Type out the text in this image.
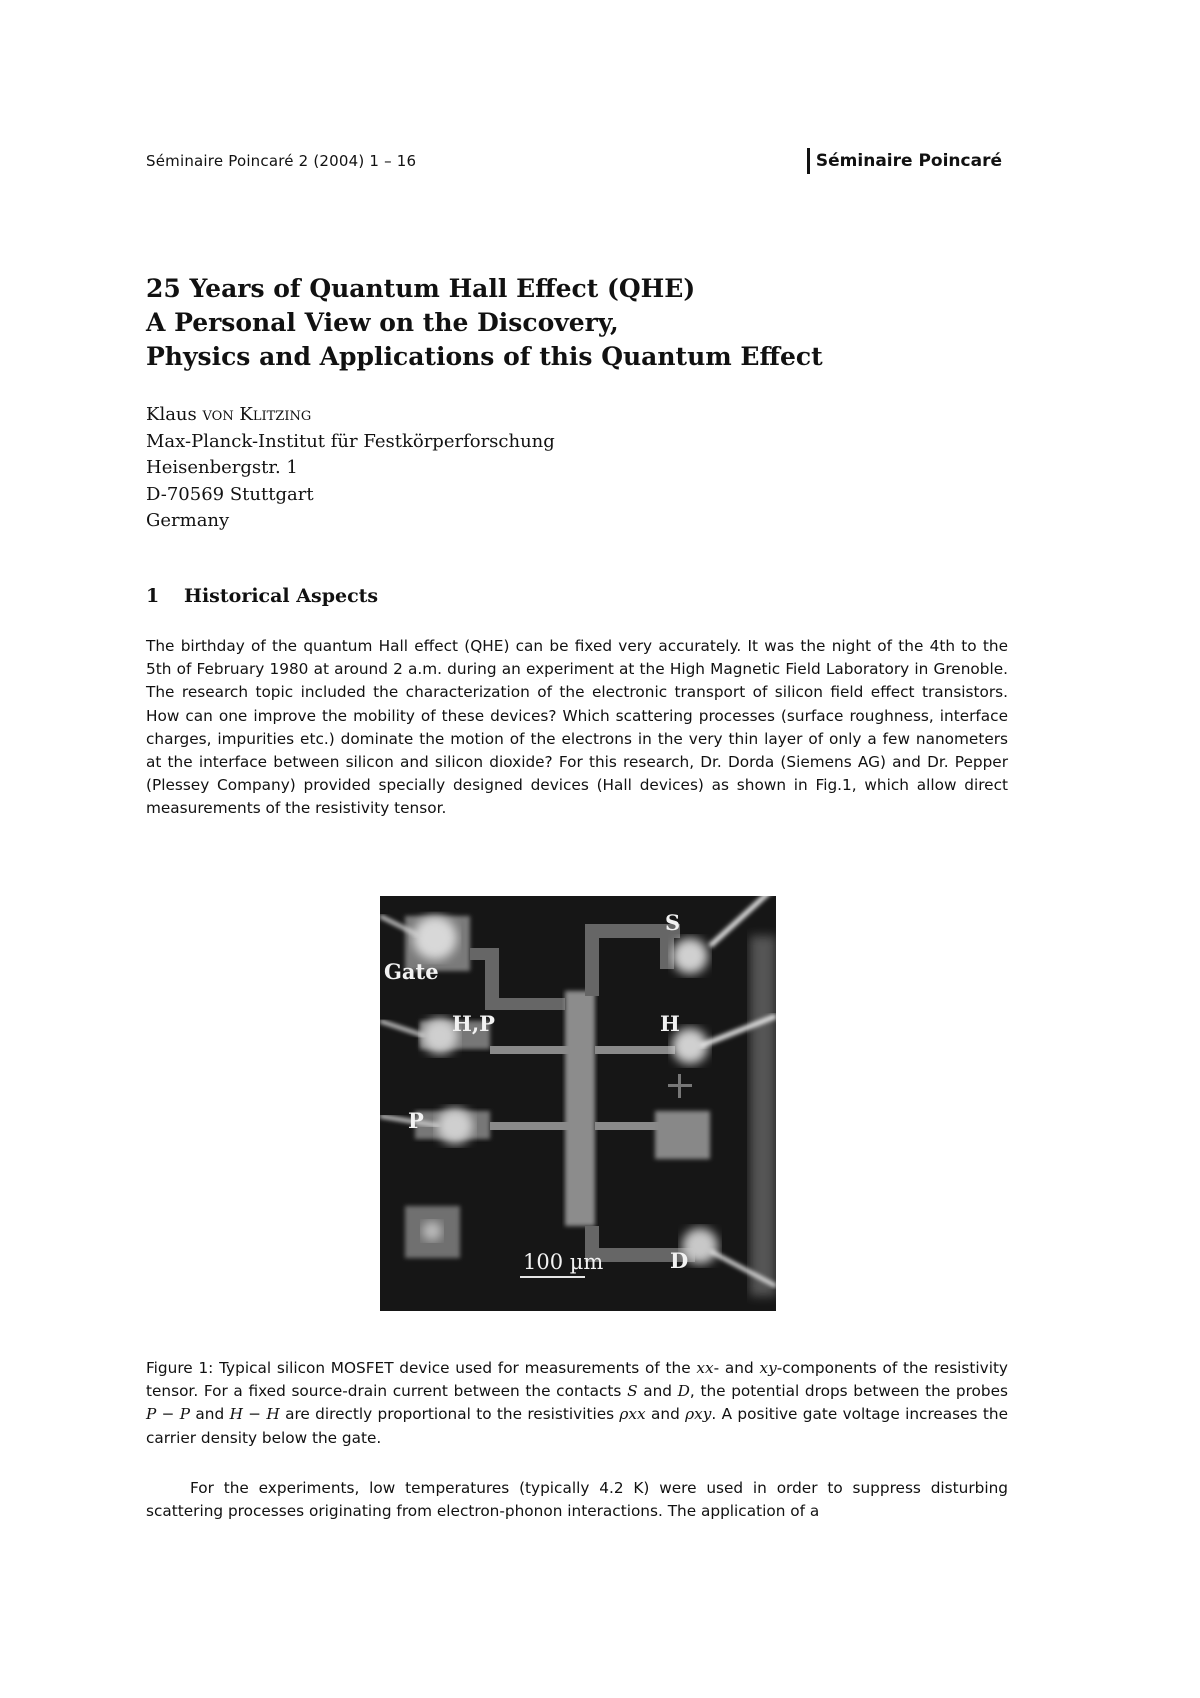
Séminaire Poincaré 2 (2004) 1 – 16	Séminaire Poincaré
25 Years of Quantum Hall Effect (QHE)
A Personal View on the Discovery,
Physics and Applications of this Quantum Effect
Klaus von Klitzing
Max-Planck-Institut für Festkörperforschung
Heisenbergstr. 1
D-70569 Stuttgart
Germany
1 Historical Aspects
The birthday of the quantum Hall effect (QHE) can be fixed very accurately. It was the night of the 4th to the 5th of February 1980 at around 2 a.m. during an experiment at the High Magnetic Field Laboratory in Grenoble. The research topic included the characterization of the electronic transport of silicon field effect transistors. How can one improve the mobility of these devices? Which scattering processes (surface roughness, interface charges, impurities etc.) dominate the motion of the electrons in the very thin layer of only a few nanometers at the interface between silicon and silicon dioxide? For this research, Dr. Dorda (Siemens AG) and Dr. Pepper (Plessey Company) provided specially designed devices (Hall devices) as shown in Fig.1, which allow direct measurements of the resistivity tensor.
Gate
S
H,P	H
P
D
100 µm
Figure 1: Typical silicon MOSFET device used for measurements of the xx- and xy-components of the resistivity tensor. For a fixed source-drain current between the contacts S and D, the potential drops between the probes P − P and H − H are directly proportional to the resistivities ρxx and ρxy. A positive gate voltage increases the carrier density below the gate.
For the experiments, low temperatures (typically 4.2 K) were used in order to suppress disturbing scattering processes originating from electron-phonon interactions. The application of a
